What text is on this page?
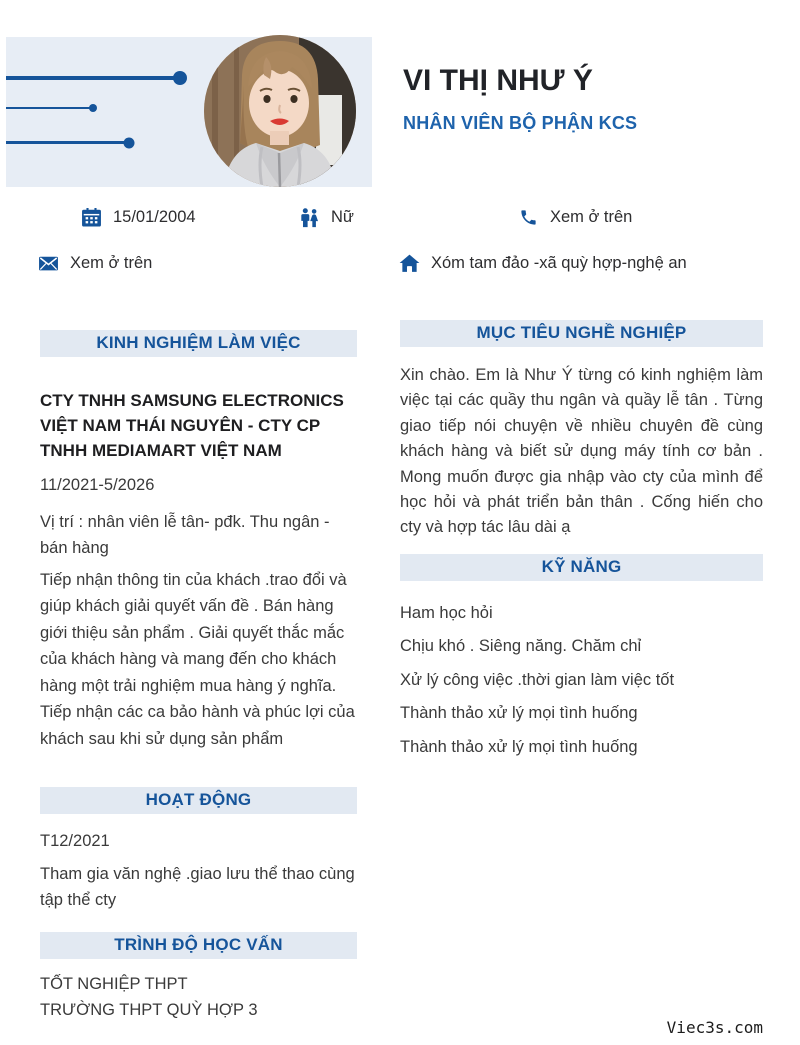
VI THỊ NHƯ Ý
NHÂN VIÊN BỘ PHẬN KCS
15/01/2004	Nữ	Xem ở trên
Xem ở trên	Xóm tam đảo -xã quỳ hợp-nghệ an
KINH NGHIỆM LÀM VIỆC
CTY TNHH SAMSUNG ELECTRONICS VIỆT NAM THÁI NGUYÊN - CTY CP TNHH MEDIAMART VIỆT NAM
11/2021-5/2026
Vị trí : nhân viên lễ tân- pđk. Thu ngân - bán hàng
Tiếp nhận thông tin của khách .trao đổi và giúp khách giải quyết vấn đề . Bán hàng giới thiệu sản phẩm . Giải quyết thắc mắc của khách hàng và mang đến cho khách hàng một trải nghiệm mua hàng ý nghĩa. Tiếp nhận các ca bảo hành và phúc lợi của khách sau khi sử dụng sản phẩm
HOẠT ĐỘNG
T12/2021
Tham gia văn nghệ .giao lưu thể thao cùng tập thể cty
TRÌNH ĐỘ HỌC VẤN
TỐT NGHIỆP THPT
TRƯỜNG THPT QUỲ HỢP 3
MỤC TIÊU NGHỀ NGHIỆP
Xin chào. Em là Như Ý từng có kinh nghiệm làm việc tại các quầy thu ngân và quầy lễ tân . Từng giao tiếp nói chuyện về nhiều chuyên đề cùng khách hàng và biết sử dụng máy tính cơ bản . Mong muốn được gia nhập vào cty của mình để học hỏi và phát triển bản thân . Cống hiến cho cty và hợp tác lâu dài ạ
KỸ NĂNG
Ham học hỏi
Chịu khó . Siêng năng. Chăm chỉ
Xử lý công việc .thời gian làm việc tốt
Thành thảo xử lý mọi tình huống
Thành thảo xử lý mọi tình huống
Viec3s.com
